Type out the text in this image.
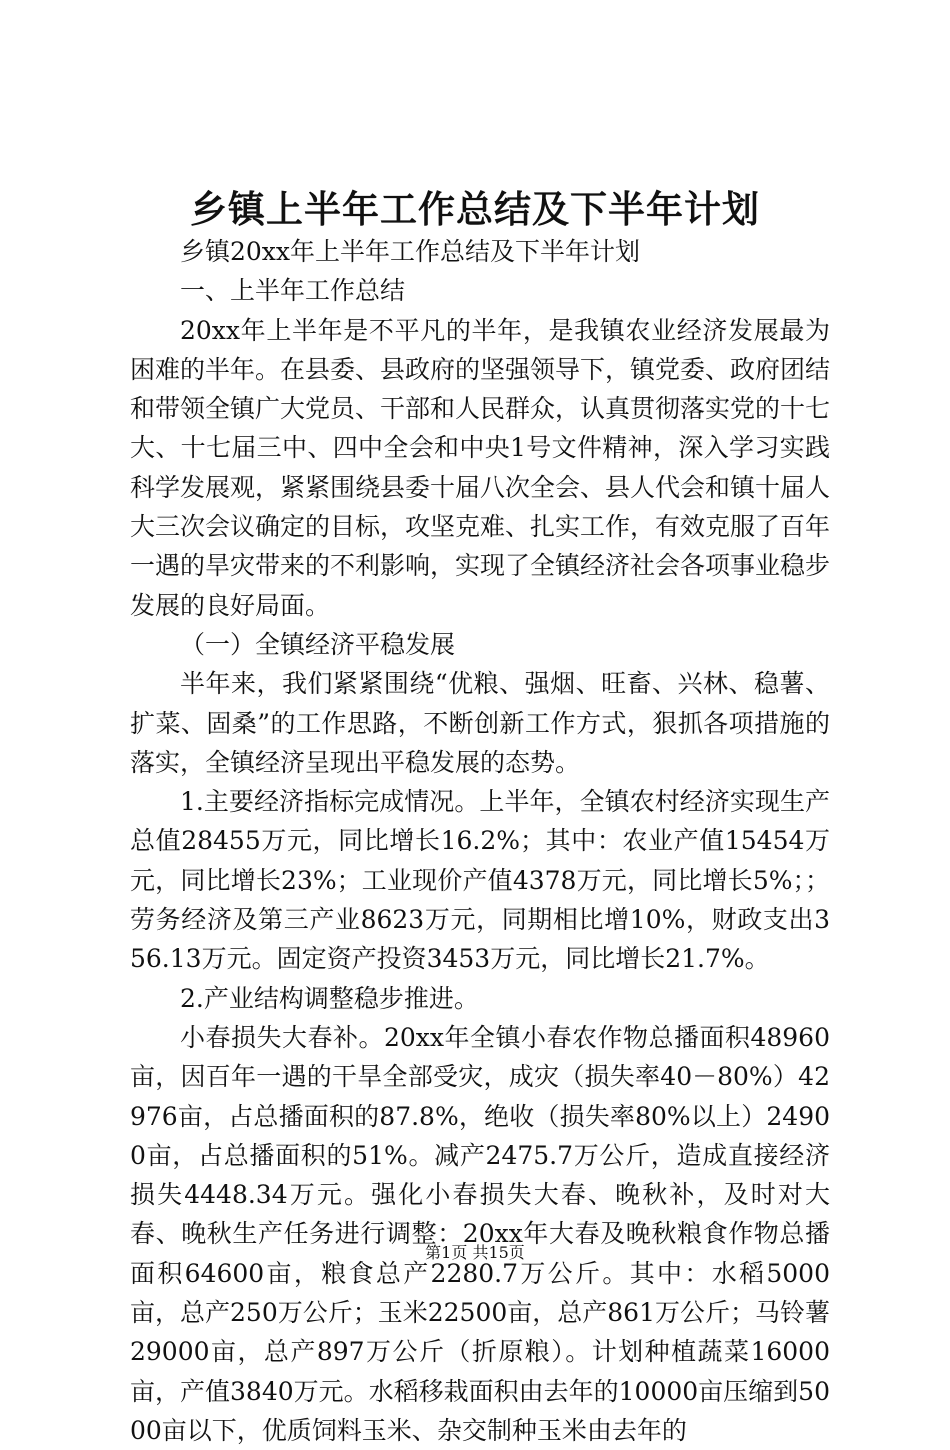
乡镇上半年工作总结及下半年计划

乡镇20xx年上半年工作总结及下半年计划

一、上半年工作总结

20xx年上半年是不平凡的半年，是我镇农业经济发展最为困难的半年。在县委、县政府的坚强领导下，镇党委、政府团结和带领全镇广大党员、干部和人民群众，认真贯彻落实党的十七大、十七届三中、四中全会和中央1号文件精神，深入学习实践科学发展观，紧紧围绕县委十届八次全会、县人代会和镇十届人大三次会议确定的目标，攻坚克难、扎实工作，有效克服了百年一遇的旱灾带来的不利影响，实现了全镇经济社会各项事业稳步发展的良好局面。

（一）全镇经济平稳发展

半年来，我们紧紧围绕“优粮、强烟、旺畜、兴林、稳薯、扩菜、固桑”的工作思路，不断创新工作方式，狠抓各项措施的落实，全镇经济呈现出平稳发展的态势。

1.主要经济指标完成情况。上半年，全镇农村经济实现生产总值28455万元，同比增长16.2%；其中：农业产值15454万元，同比增长23%；工业现价产值4378万元，同比增长5%；；劳务经济及第三产业8623万元，同期相比增10%，财政支出356.13万元。固定资产投资3453万元，同比增长21.7%。

2.产业结构调整稳步推进。

小春损失大春补。20xx年全镇小春农作物总播面积48960亩，因百年一遇的干旱全部受灾，成灾（损失率40－80%）42976亩，占总播面积的87.8%，绝收（损失率80%以上）24900亩，占总播面积的51%。减产2475.7万公斤，造成直接经济损失4448.34万元。强化小春损失大春、晚秋补，及时对大春、晚秋生产任务进行调整：20xx年大春及晚秋粮食作物总播面积64600亩，粮食总产2280.7万公斤。其中：水稻5000亩，总产250万公斤；玉米22500亩，总产861万公斤；马铃薯29000亩，总产897万公斤（折原粮）。计划种植蔬菜16000亩，产值3840万元。水稻移栽面积由去年的10000亩压缩到5000亩以下，优质饲料玉米、杂交制种玉米由去年的

第1页 共15页
